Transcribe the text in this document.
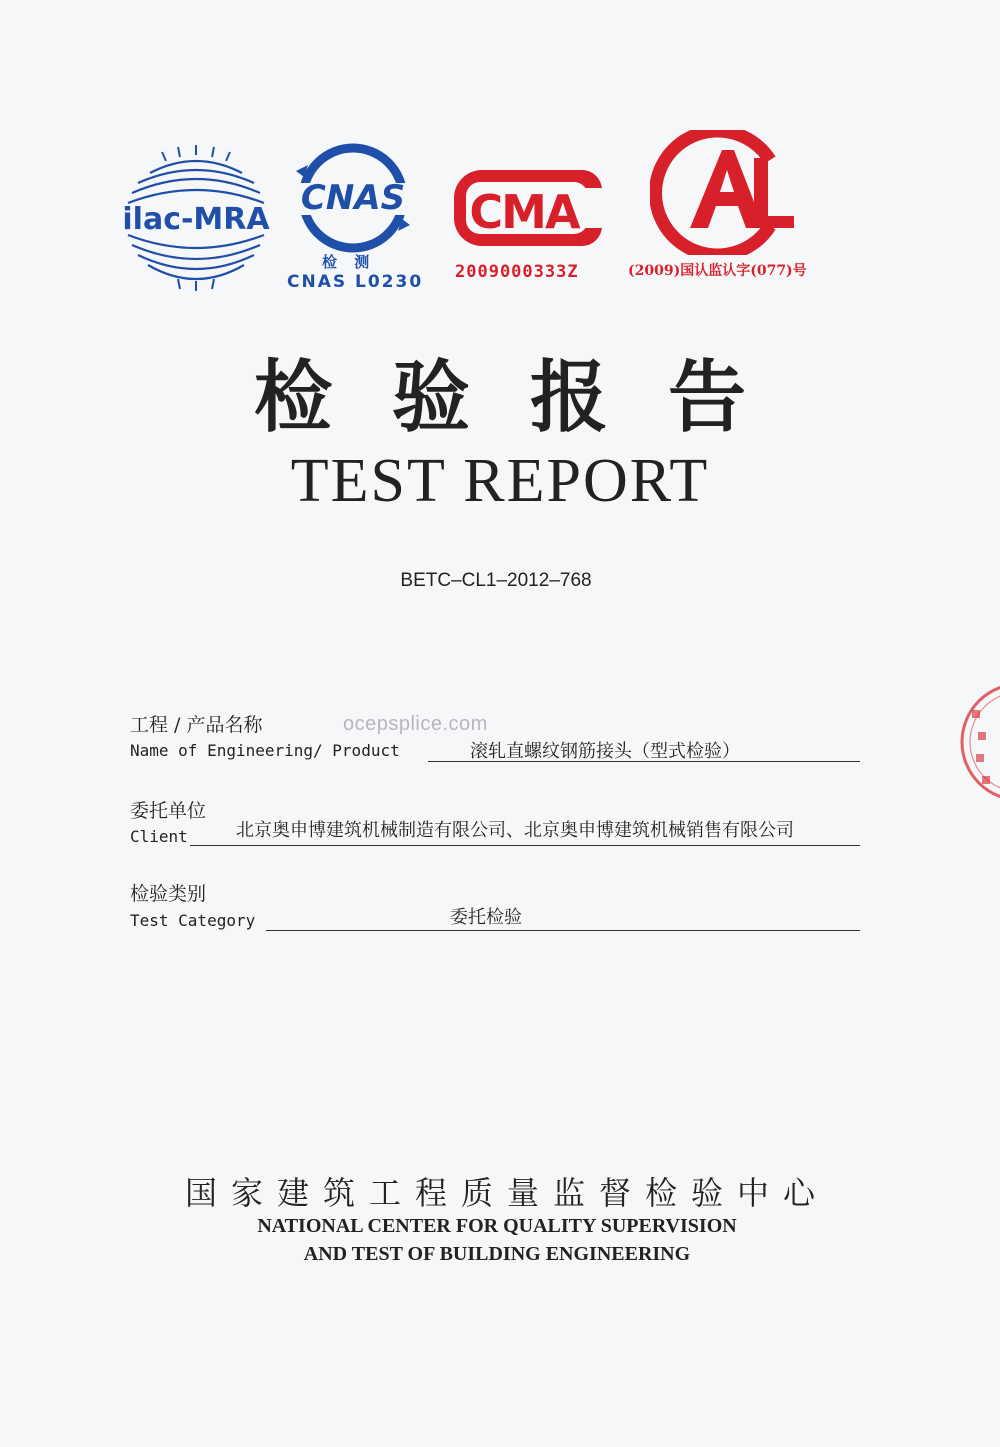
ilac-MRA
CNAS
检 测
CNAS L0230
CMA
2009000333Z	(2009)国认监认字(077)号
检验报告
TEST REPORT
BETC–CL1–2012–768
ocepsplice.com
工程 / 产品名称
Name of Engineering/ Product	滚轧直螺纹钢筋接头（型式检验）
委托单位
Client	北京奥申博建筑机械制造有限公司、北京奥申博建筑机械销售有限公司
检验类别
Test Category	委托检验
国家建筑工程质量监督检验中心
NATIONAL CENTER FOR QUALITY SUPERVISION
AND TEST OF BUILDING ENGINEERING
